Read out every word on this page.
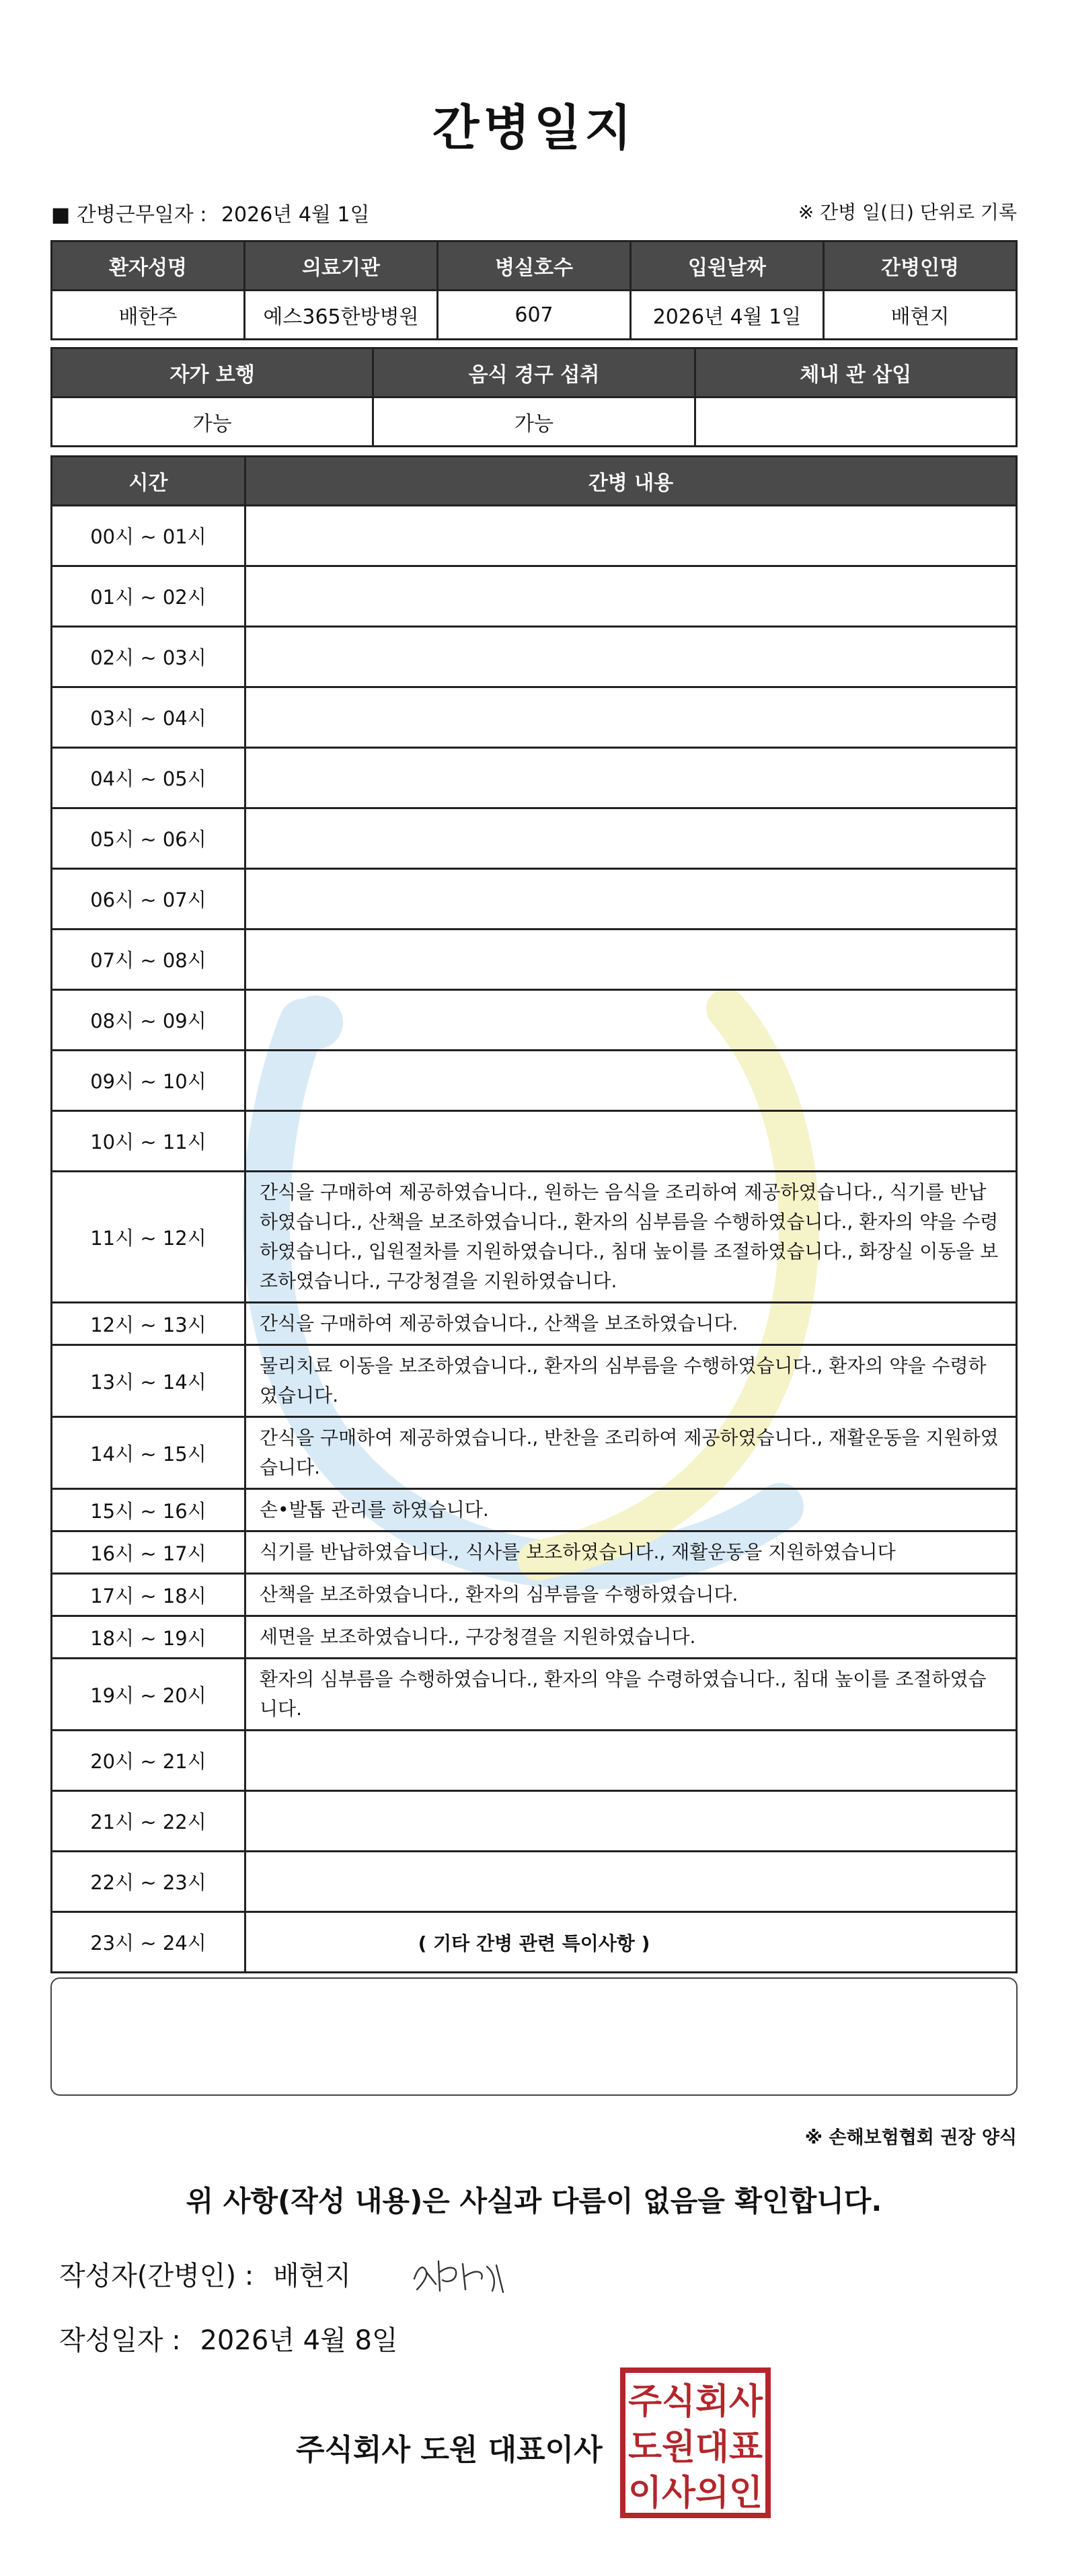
간병일지
■ 간병근무일자 : 2026년 4월 1일	※ 간병 일(日) 단위로 기록
환자성명	의료기관	병실호수	입원날짜	간병인명
배한주	예스365한방병원	607	2026년 4월 1일	배현지
자가 보행	음식 경구 섭취	체내 관 삽입
가능	가능	
시간	간병 내용
00시 ~ 01시	
01시 ~ 02시	
02시 ~ 03시	
03시 ~ 04시	
04시 ~ 05시	
05시 ~ 06시	
06시 ~ 07시	
07시 ~ 08시	
08시 ~ 09시	
09시 ~ 10시	
10시 ~ 11시	
11시 ~ 12시	간식을 구매하여 제공하였습니다., 원하는 음식을 조리하여 제공하였습니다., 식기를 반납하였습니다., 산책을 보조하였습니다., 환자의 심부름을 수행하였습니다., 환자의 약을 수령하였습니다., 입원절차를 지원하였습니다., 침대 높이를 조절하였습니다., 화장실 이동을 보조하였습니다., 구강청결을 지원하였습니다.
12시 ~ 13시	간식을 구매하여 제공하였습니다., 산책을 보조하였습니다.
13시 ~ 14시	물리치료 이동을 보조하였습니다., 환자의 심부름을 수행하였습니다., 환자의 약을 수령하였습니다.
14시 ~ 15시	간식을 구매하여 제공하였습니다., 반찬을 조리하여 제공하였습니다., 재활운동을 지원하였습니다.
15시 ~ 16시	손•발톱 관리를 하였습니다.
16시 ~ 17시	식기를 반납하였습니다., 식사를 보조하였습니다., 재활운동을 지원하였습니다
17시 ~ 18시	산책을 보조하였습니다., 환자의 심부름을 수행하였습니다.
18시 ~ 19시	세면을 보조하였습니다., 구강청결을 지원하였습니다.
19시 ~ 20시	환자의 심부름을 수행하였습니다., 환자의 약을 수령하였습니다., 침대 높이를 조절하였습니다.
20시 ~ 21시	
21시 ~ 22시	
22시 ~ 23시	
23시 ~ 24시		( 기타 간병 관련 특이사항 )
※ 손해보험협회 권장 양식
위 사항(작성 내용)은 사실과 다름이 없음을 확인합니다.
작성자(간병인) : 배현지
작성일자 : 2026년 4월 8일
주식회사 도원 대표이사
주식회사
도원대표
이사의인
